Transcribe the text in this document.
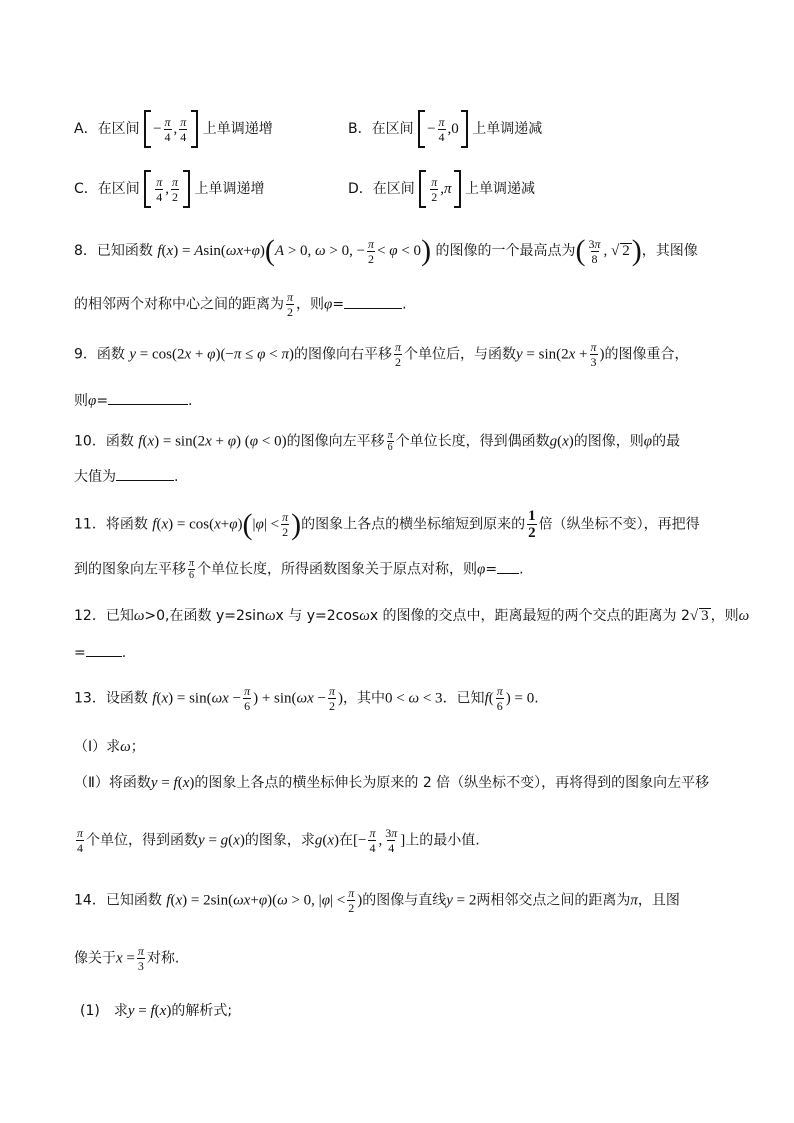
A．在区间 − $\frac{\pi}{4}$ , $\frac{\pi}{4}$ 上单调递增	B．在区间 − $\frac{\pi}{4} ,0$ 上单调递减
C．在区间 $\frac{\pi}{4}$ , $\frac{\pi}{2}$ 上单调递增	D．在区间 $\frac{\pi}{2} ,\pi$ 上单调递减
8．已知函数 f(x) = Asin(ωx+φ)(A > 0, ω > 0, − $\frac{\pi}{2} < \varphi < 0$) 的图像的一个最高点为( $\frac{3\pi}{8}$ , √ 2)，其图像
的相邻两个对称中心之间的距离为 $\frac{\pi}{2}$ ，则φ=	.
9．函数 y = cos(2x + φ)(−π ≤ φ < π)的图像向右平移 $\frac{\pi}{2}$ 个单位后，与函数$y = \sin(2x + \frac{\pi}{3}$ )的图像重合，
则φ=	.
10．函数 f(x) = sin(2x + φ) (φ < 0)的图像向左平移 $\frac{\pi}{6}$ 个单位长度，得到偶函数g(x)的图像，则φ的最
大值为	.
11．将函数 $f(x) = \cos(x+\varphi)(|\varphi| < \frac{\pi}{2}$ )的图象上各点的横坐标缩短到原来的 $\frac{1}{2}$ 倍（纵坐标不变），再把得
到的图象向左平移 $\frac{\pi}{6}$ 个单位长度，所得函数图象关于原点对称，则φ= .
12．已知ω>0,在函数 y=2sinωx 与 y=2cosωx 的图像的交点中，距离最短的两个交点的距离为 2√ 3 ，则ω
=	.
13．设函数 $f(x) = \sin(\omega x - \frac{\pi}{6}$ ) + $\sin(\omega x - \frac{\pi}{2}$ )，其中0 < ω < 3．已知$f( \frac{\pi}{6}$ ) = 0.
（Ⅰ）求ω；
（Ⅱ）将函数y = f(x)的图象上各点的横坐标伸长为原来的 2 倍（纵坐标不变），再将得到的图象向左平移
$\frac{\pi}{4}$ 个单位，得到函数y = g(x)的图象，求g(x)在[− $\frac{\pi}{4}$ , $\frac{3\pi}{4}$ ]上的最小值.
14．已知函数 f(x) = 2sin(ωx+φ)(ω > 0, $|\varphi| < \frac{\pi}{2}$ )的图像与直线y = 2两相邻交点之间的距离为π，且图
像关于$x = \frac{\pi}{3}$ 对称.
(1)　求y = f(x)的解析式;
